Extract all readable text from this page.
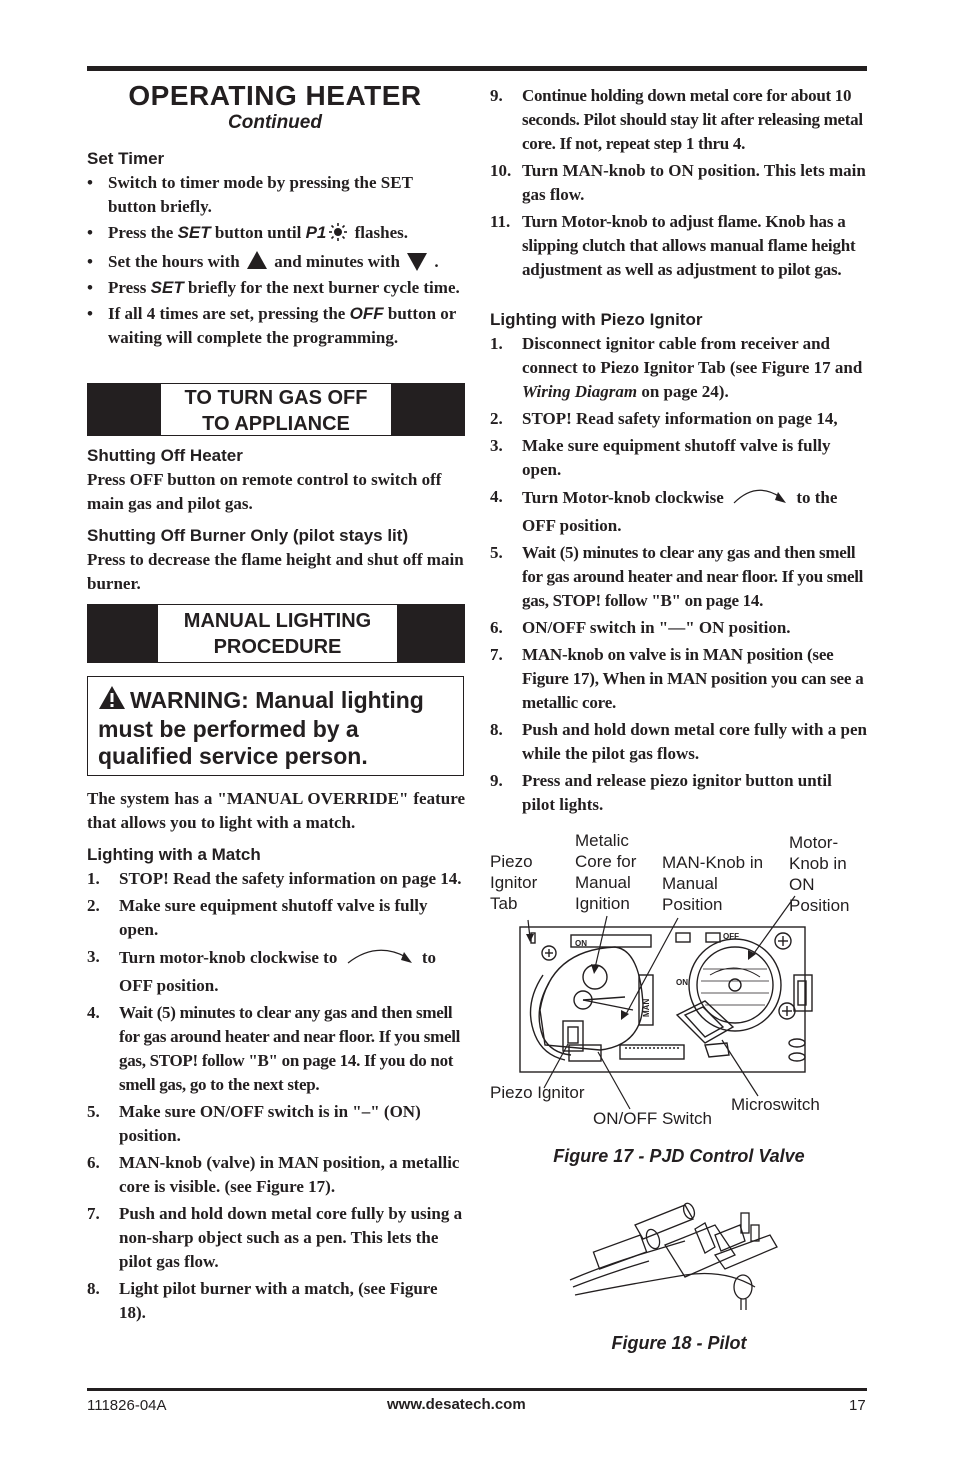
OPERATING HEATER
Continued
Set Timer
• Switch to timer mode by pressing the SET button briefly.
• Press the SET button until P1 flashes.
• Set the hours with and minutes with .
• Press SET briefly for the next burner cycle time.
• If all 4 times are set, pressing the OFF button or waiting will complete the programming.
TO TURN GAS OFF
TO APPLIANCE
Shutting Off Heater
Press OFF button on remote control to switch off main gas and pilot gas.
Shutting Off Burner Only (pilot stays lit)
Press to decrease the flame height and shut off main burner.
MANUAL LIGHTING
PROCEDURE
WARNING: Manual lighting must be performed by a qualified service person.
The system has a "MANUAL OVERRIDE" feature that allows you to light with a match.
Lighting with a Match
1. STOP! Read the safety information on page 14.
2. Make sure equipment shutoff valve is fully open.
3. Turn motor-knob clockwise to	to OFF position.
4. Wait (5) minutes to clear any gas and then smell for gas around heater and near floor. If you smell gas, STOP! follow "B" on page 14. If you do not smell gas, go to the next step.
5. Make sure ON/OFF switch is in "–" (ON) position.
6. MAN-knob (valve) in MAN position, a metallic core is visible. (see Figure 17).
7. Push and hold down metal core fully by using a non-sharp object such as a pen. This lets the pilot gas flow.
8. Light pilot burner with a match, (see Figure 18).
9. Continue holding down metal core for about 10 seconds. Pilot should stay lit after releasing metal core. If not, repeat step 1 thru 4.
10. Turn MAN-knob to ON position. This lets main gas flow.
11. Turn Motor-knob to adjust flame. Knob has a slipping clutch that allows manual flame height adjustment as well as adjustment to pilot gas.
Lighting with Piezo Ignitor
1. Disconnect ignitor cable from receiver and connect to Piezo Ignitor Tab (see Figure 17 and Wiring Diagram on page 24).
2. STOP! Read safety information on page 14,
3. Make sure equipment shutoff valve is fully open.
4. Turn Motor-knob clockwise	to the OFF position.
5. Wait (5) minutes to clear any gas and then smell for gas around heater and near floor. If you smell gas, STOP! follow "B" on page 14.
6. ON/OFF switch in "—" ON position.
7. MAN-knob on valve is in MAN position (see Figure 17), When in MAN position you can see a metallic core.
8. Push and hold down metal core fully with a pen while the pilot gas flows.
9. Press and release piezo ignitor button until pilot lights.
Piezo Ignitor Tab
Metalic Core for Manual Ignition
MAN-Knob in Manual Position
Motor- Knob in ON Position
Piezo Ignitor
ON/OFF Switch
Microswitch
ON
OFF
ON
MAN
Figure 17 - PJD Control Valve
Figure 18 - Pilot
111826-04A	www.desatech.com	17
